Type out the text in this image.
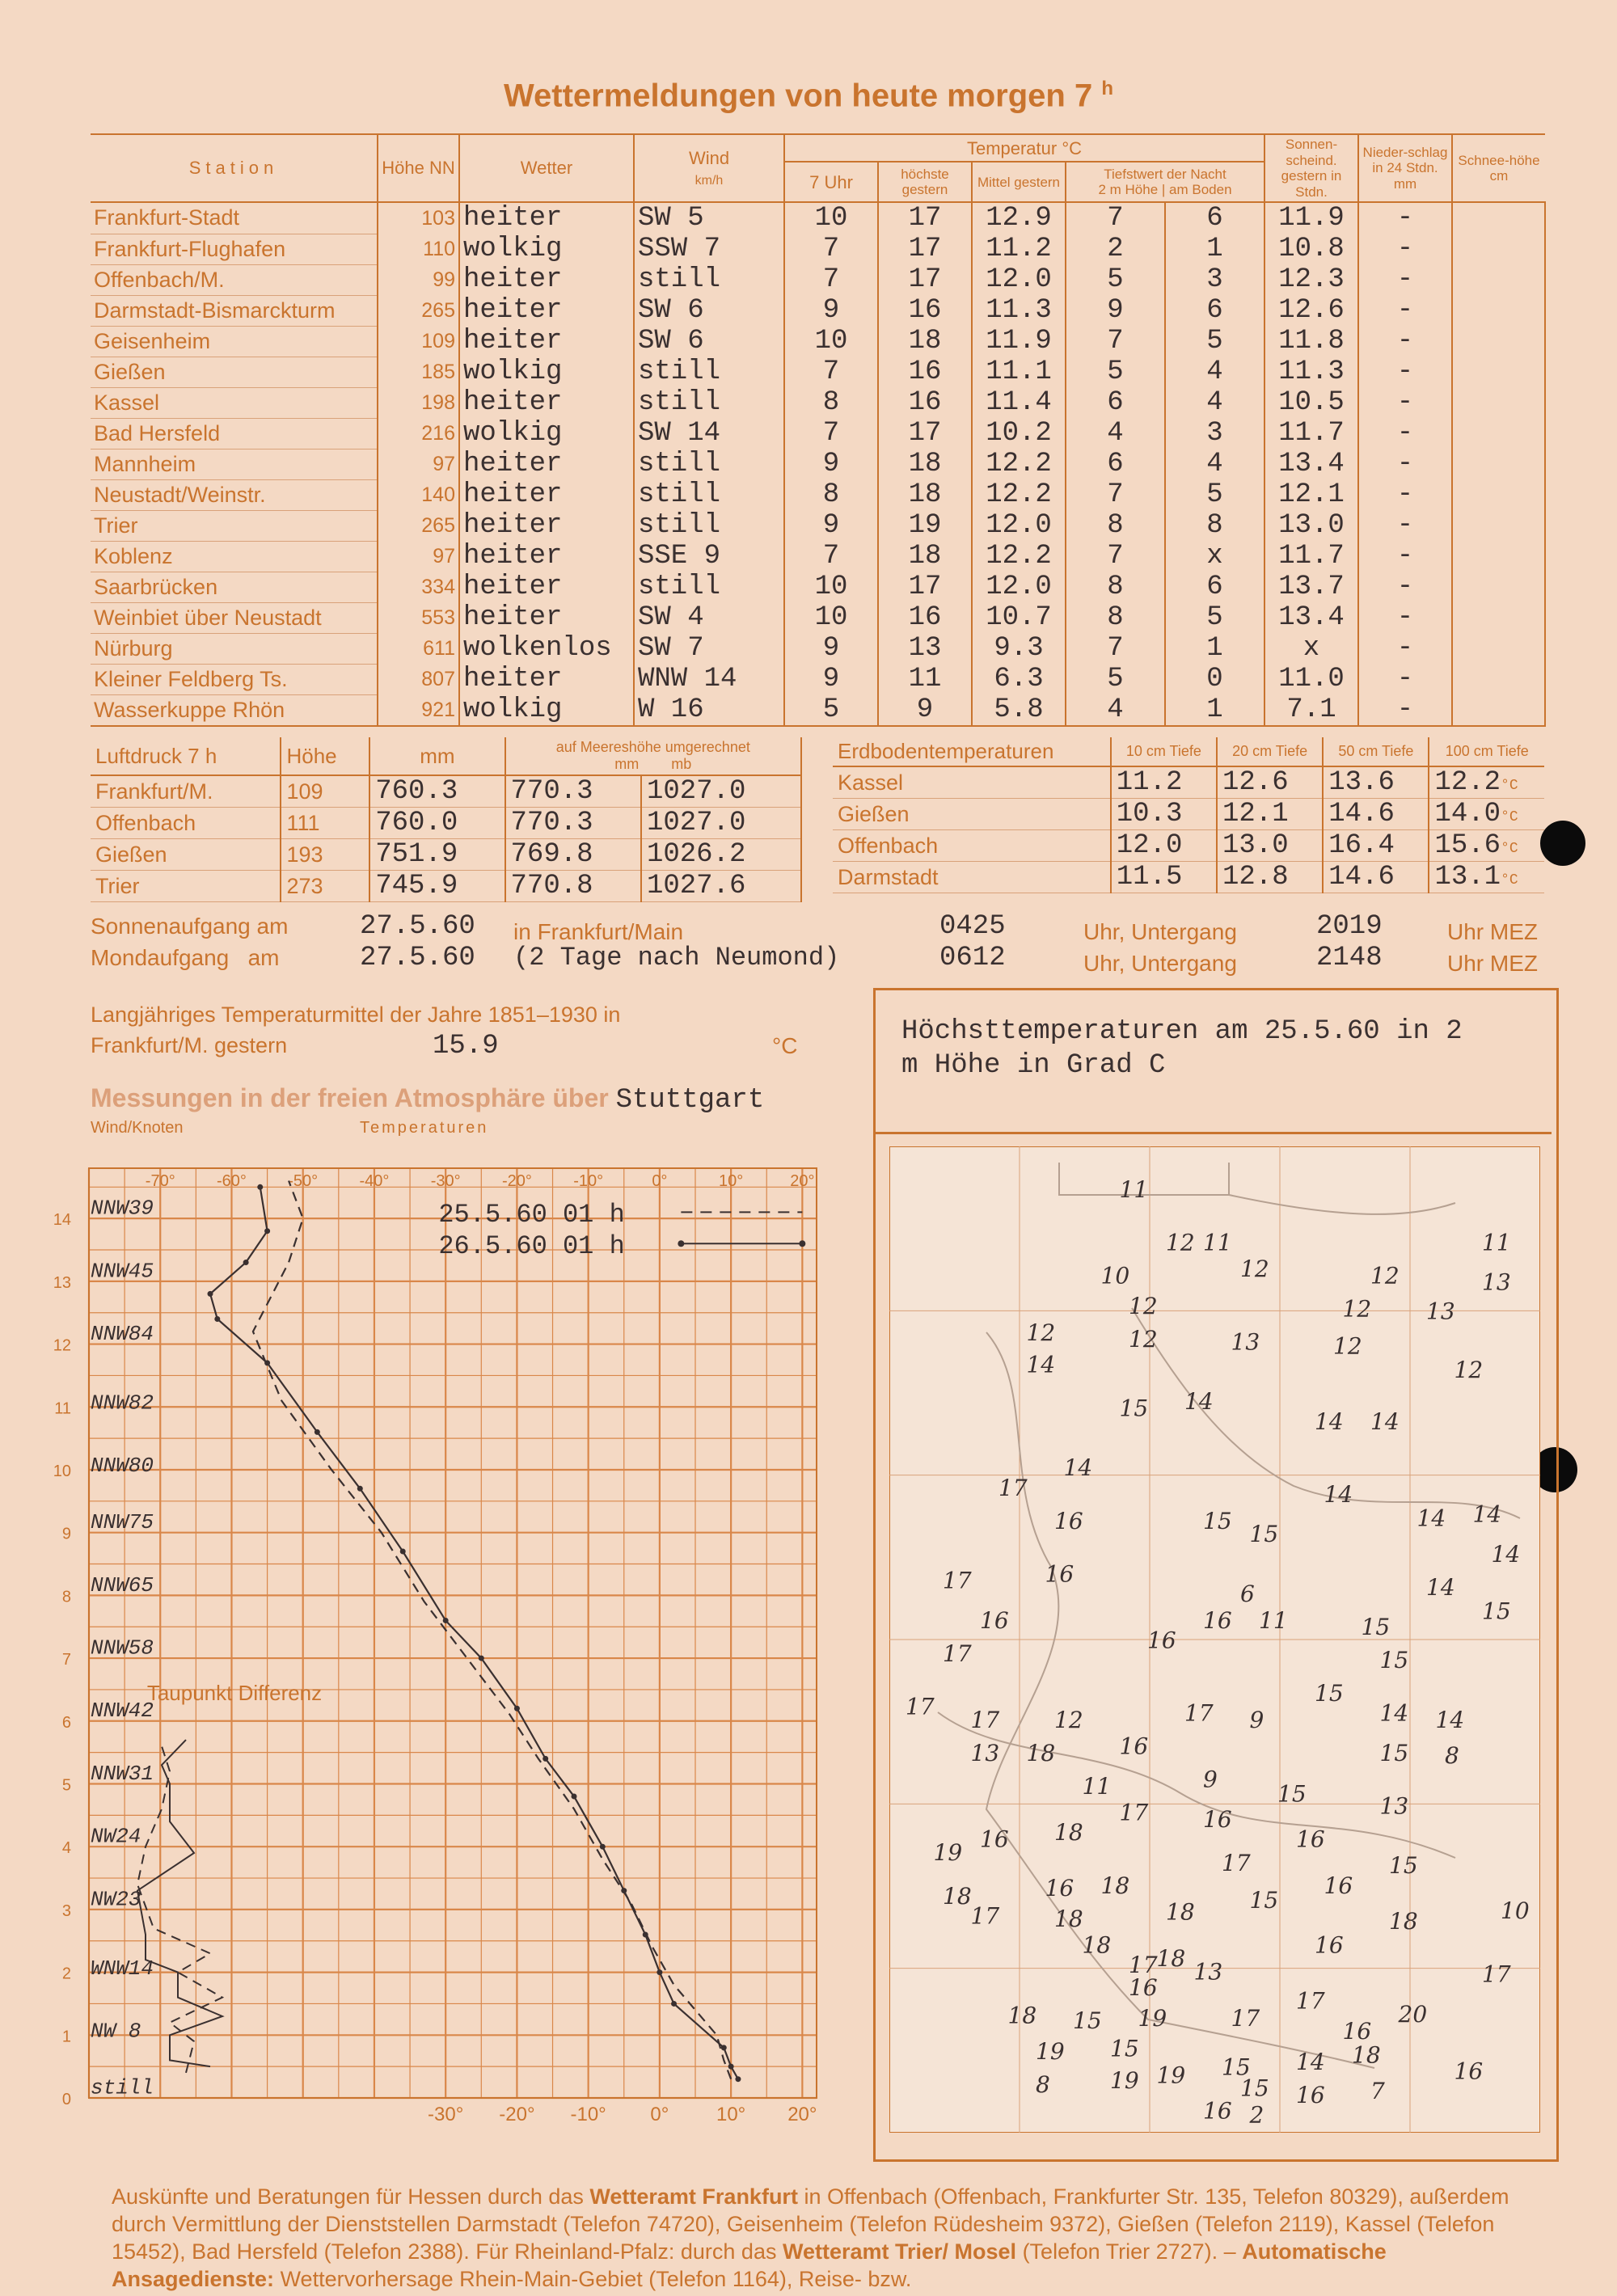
Wettermeldungen von heute morgen 7 $^h$
Station	Höhe NN	Wetter	Wind
km/h	Temperatur °C					Sonnen-scheind. gestern in Stdn.	Nieder-schlag in 24 Stdn. mm	Schnee-höhe cm
				7 Uhr	höchste gestern	Mittel gestern	Tiefstwert der Nacht
2 m Höhe | am Boden				
Frankfurt-Stadt	103	heiter	SW 5	10	17	12.9	7	6	11.9	-	
Frankfurt-Flughafen	110	wolkig	SSW 7	7	17	11.2	2	1	10.8	-	
Offenbach/M.	99	heiter	still	7	17	12.0	5	3	12.3	-	
Darmstadt-Bismarckturm	265	heiter	SW 6	9	16	11.3	9	6	12.6	-	
Geisenheim	109	heiter	SW 6	10	18	11.9	7	5	11.8	-	
Gießen	185	wolkig	still	7	16	11.1	5	4	11.3	-	
Kassel	198	heiter	still	8	16	11.4	6	4	10.5	-	
Bad Hersfeld	216	wolkig	SW 14	7	17	10.2	4	3	11.7	-	
Mannheim	97	heiter	still	9	18	12.2	6	4	13.4	-	
Neustadt/Weinstr.	140	heiter	still	8	18	12.2	7	5	12.1	-	
Trier	265	heiter	still	9	19	12.0	8	8	13.0	-	
Koblenz	97	heiter	SSE 9	7	18	12.2	7	x	11.7	-	
Saarbrücken	334	heiter	still	10	17	12.0	8	6	13.7	-	
Weinbiet über Neustadt	553	heiter	SW 4	10	16	10.7	8	5	13.4	-	
Nürburg	611	wolkenlos	SW 7	9	13	9.3	7	1	x	-	
Kleiner Feldberg Ts.	807	heiter	WNW 14	9	11	6.3	5	0	11.0	-	
Wasserkuppe Rhön	921	wolkig	W 16	5	9	5.8	4	1	7.1	-	
Luftdruck 7 h	Höhe	mm	auf Meereshöhe umgerechnet
mm mb	
Frankfurt/M.	109	760.3	770.3	1027.0
Offenbach	111	760.0	770.3	1027.0
Gießen	193	751.9	769.8	1026.2
Trier	273	745.9	770.8	1027.6
Erdbodentemperaturen	10 cm Tiefe	20 cm Tiefe	50 cm Tiefe	100 cm Tiefe
Kassel	11.2	12.6	13.6	12.2°C
Gießen	10.3	12.1	14.6	14.0°C
Offenbach	12.0	13.0	16.4	15.6°C
Darmstadt	11.5	12.8	14.6	13.1°C
Sonnenaufgang am	27.5.60 in Frankfurt/Main	0425	Uhr, Untergang	2019	Uhr MEZ
Mondaufgang   am	27.5.60 (2 Tage nach Neumond)	0612	Uhr, Untergang	2148	Uhr MEZ
Langjähriges Temperaturmittel der Jahre 1851–1930 in
Frankfurt/M. gestern	15.9	°C
Messungen in der freien Atmosphäre über Stuttgart
Wind/Knoten	Temperaturen
-70°	-60°	-50°	-40°	-30°	-20°	-10°	0°	10°	20°
-30° -20° -10° 0° 10° 20°
0
1
2
3
4
5
6
7
8
9
10
11
12
13
14 NNW39
NNW45
NNW84
NNW82
NNW80
NNW75
NNW65
NNW58
NNW42
NNW31
NW24
NW23
WNW14
NW 8
still
25.5.60 01 h
26.5.60 01 h
Taupunkt Differenz
Höchsttemperaturen am 25.5.60 in 2 m Höhe in Grad C
11
12 11	11
10	12	12	13
12	12 13
12	12	13	12
14	12
15 14
14 14
14
17	14
16	15 15
14 14
14
16
17	6	14
16	16 11	15
15
17	16
15
17	15
14 14
17 12	17 9
13 18	16	15 8
11	9
15	13
17 16
16 18
19	17
16
15
16
18	16 18
15
17 18	18	18	10
18 18	16
17 13
16	17
17
18 15 19	17	20
16
19 15
15 14 18
16
8	19 19 15 16 7
16 2
Auskünfte und Beratungen für Hessen durch das Wetteramt Frankfurt in Offenbach (Offenbach, Frankfurter Str. 135, Telefon 80329), außerdem durch Vermittlung der Dienststellen Darmstadt (Telefon 74720), Geisenheim (Telefon Rüdesheim 9372), Gießen (Telefon 2119), Kassel (Telefon 15452), Bad Hersfeld (Telefon 2388). Für Rheinland-Pfalz: durch das Wetteramt Trier/ Mosel (Telefon Trier 2727). – Automatische Ansagedienste: Wettervorhersage Rhein-Main-Gebiet (Telefon 1164), Reise- bzw.
